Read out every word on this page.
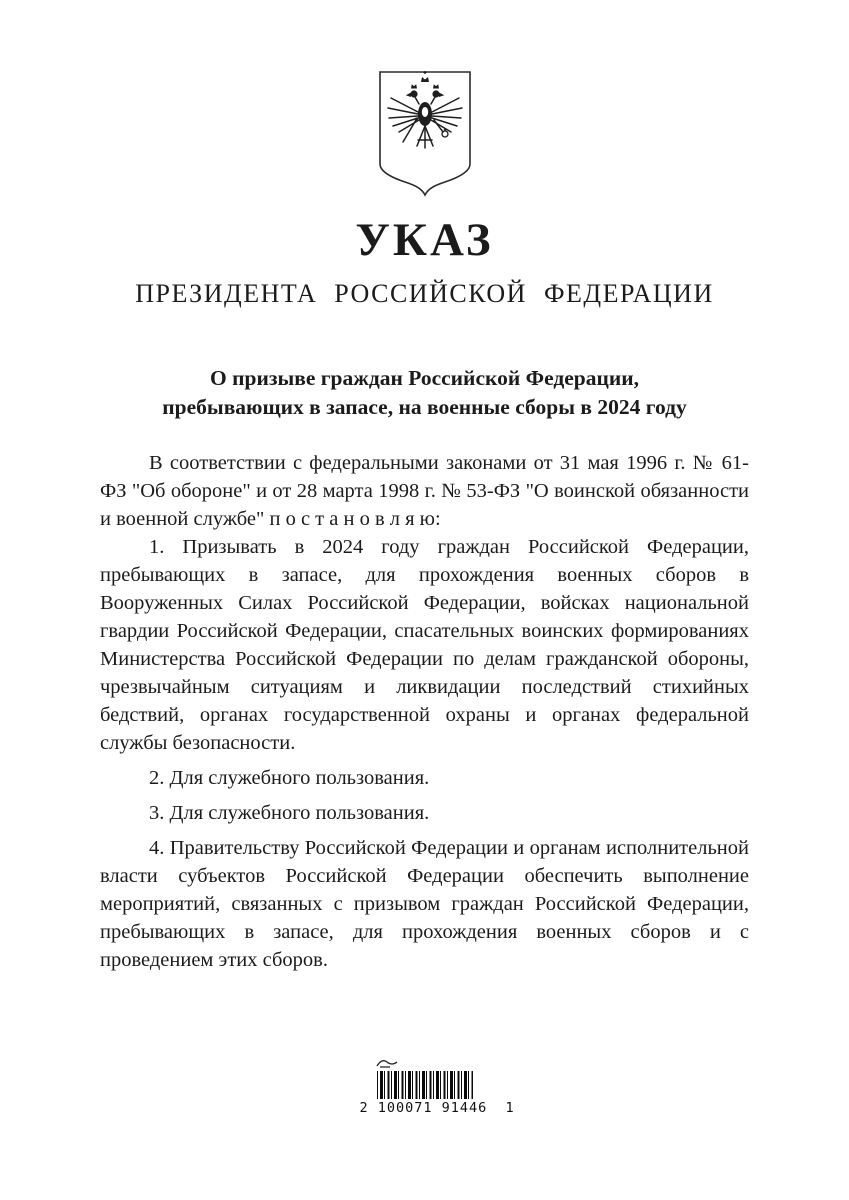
УКАЗ
ПРЕЗИДЕНТА РОССИЙСКОЙ ФЕДЕРАЦИИ
О призыве граждан Российской Федерации,
пребывающих в запасе, на военные сборы в 2024 году

В соответствии с федеральными законами от 31 мая 1996 г. № 61-ФЗ "Об обороне" и от 28 марта 1998 г. № 53-ФЗ "О воинской обязанности и военной службе" п о с т а н о в л я ю:

1. Призывать в 2024 году граждан Российской Федерации, пребывающих в запасе, для прохождения военных сборов в Вооруженных Силах Российской Федерации, войсках национальной гвардии Российской Федерации, спасательных воинских формированиях Министерства Российской Федерации по делам гражданской обороны, чрезвычайным ситуациям и ликвидации последствий стихийных бедствий, органах государственной охраны и органах федеральной службы безопасности.

2. Для служебного пользования.

3. Для служебного пользования.

4. Правительству Российской Федерации и органам исполнительной власти субъектов Российской Федерации обеспечить выполнение мероприятий, связанных с призывом граждан Российской Федерации, пребывающих в запасе, для прохождения военных сборов и с проведением этих сборов.

2 100071 91446  1
